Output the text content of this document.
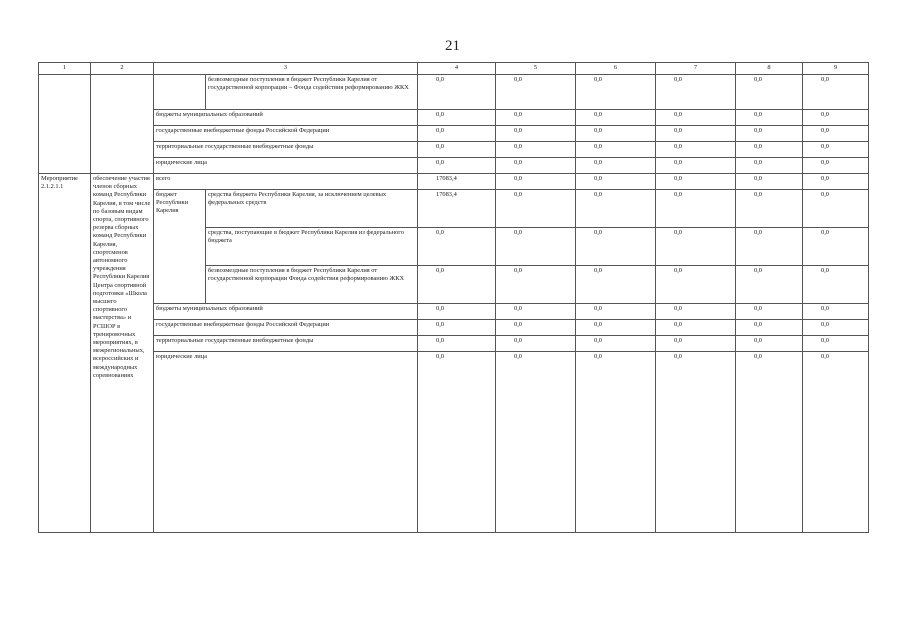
21
1	2	3		4	5	6	7	8	9
			безвозмездные поступления в бюджет Республики Карелия от государственной корпорации – Фонда содействия реформированию ЖКХ	0,0	0,0	0,0	0,0	0,0	0,0
		бюджеты муниципальных образований		0,0	0,0	0,0	0,0	0,0	0,0
		государственные внебюджетные фонды Российской Федерации		0,0	0,0	0,0	0,0	0,0	0,0
		территориальные государственные внебюджетные фонды		0,0	0,0	0,0	0,0	0,0	0,0
		юридические лица		0,0	0,0	0,0	0,0	0,0	0,0
Мероприятие 2.1.2.1.1	обеспечение участия членов сборных команд Республики Карелия, в том числе по базовым видам спорта, спортивного резерва сборных команд Республики Карелия, спортсменов автономного учреждения Республики Карелия Центра спортивной подготовки «Школа высшего спортивного мастерства» и РСШОР в тренировочных мероприятиях, в межрегиональных, всероссийских и международных соревнованиях	всего		17083,4	0,0	0,0	0,0	0,0	0,0
		бюджет Республики Карелия	средства бюджета Республики Карелия, за исключением целевых федеральных средств	17083,4	0,0	0,0	0,0	0,0	0,0
			средства, поступающие в бюджет Республики Карелия из федерального бюджета	0,0	0,0	0,0	0,0	0,0	0,0
			безвозмездные поступления в бюджет Республики Карелия от государственной корпорации Фонда содействия реформированию ЖКХ	0,0	0,0	0,0	0,0	0,0	0,0
		бюджеты муниципальных образований		0,0	0,0	0,0	0,0	0,0	0,0
		государственные внебюджетные фонды Российской Федерации		0,0	0,0	0,0	0,0	0,0	0,0
		территориальные государственные внебюджетные фонды		0,0	0,0	0,0	0,0	0,0	0,0
		юридические лица		0,0	0,0	0,0	0,0	0,0	0,0
